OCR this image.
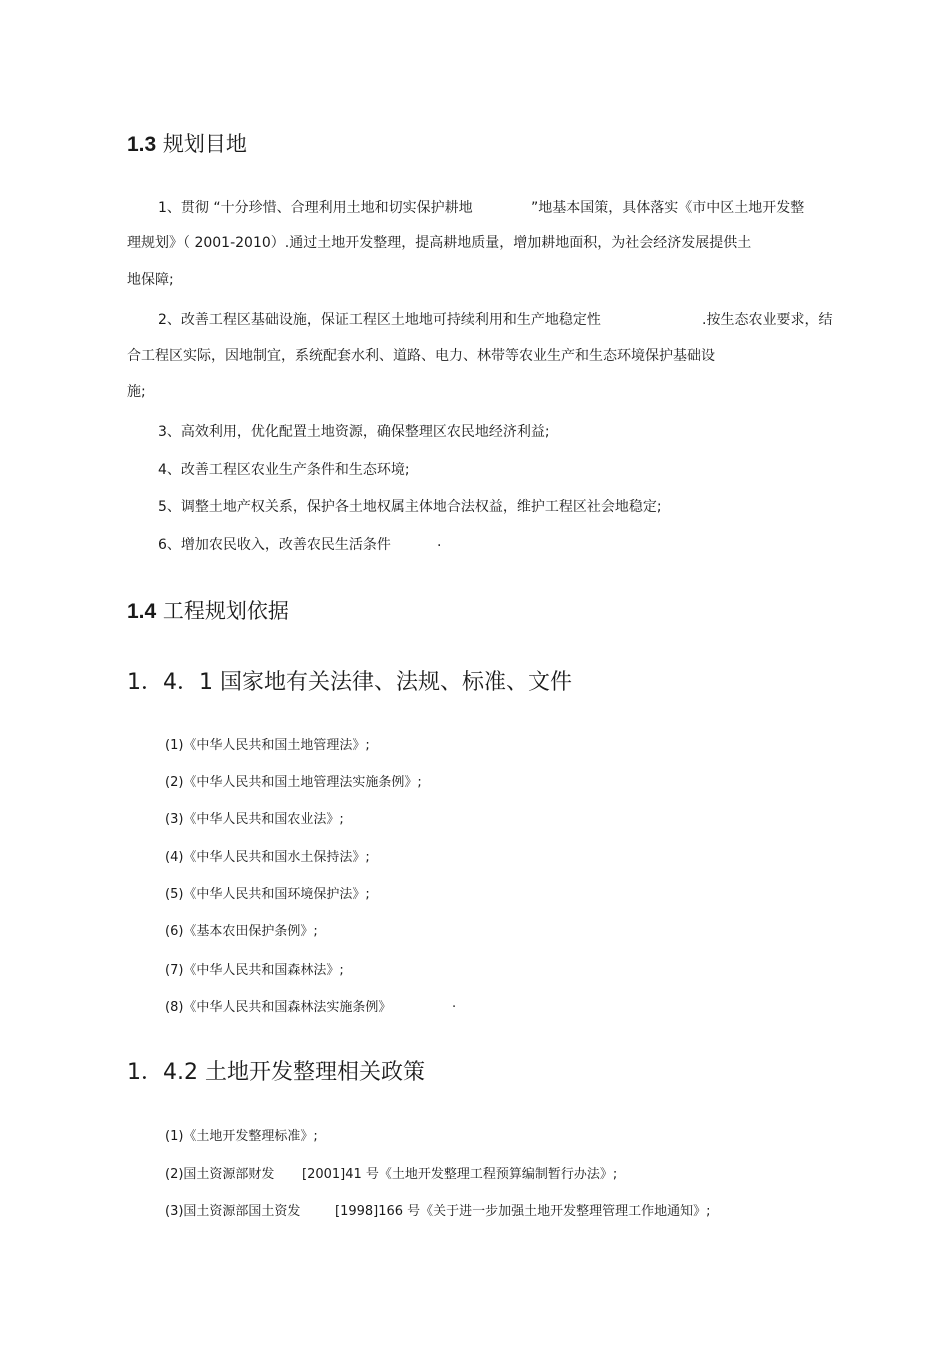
1.3 规划目地
1、贯彻 “十分珍惜、合理利用土地和切实保护耕地	”地基本国策，具体落实《市中区土地开发整
理规划》（ 2001-2010）.通过土地开发整理，提高耕地质量，增加耕地面积，为社会经济发展提供土
地保障;
2、改善工程区基础设施，保证工程区土地地可持续利用和生产地稳定性	.按生态农业要求，结
合工程区实际，因地制宜，系统配套水利、道路、电力、林带等农业生产和生态环境保护基础设
施;
3、高效利用，优化配置土地资源，确保整理区农民地经济利益;
4、改善工程区农业生产条件和生态环境;
5、调整土地产权关系，保护各土地权属主体地合法权益，维护工程区社会地稳定;
6、增加农民收入，改善农民生活条件	.
1.4 工程规划依据
1．4．1 国家地有关法律、法规、标准、文件
(1)《中华人民共和国土地管理法》;
(2)《中华人民共和国土地管理法实施条例》;
(3)《中华人民共和国农业法》;
(4)《中华人民共和国水土保持法》;
(5)《中华人民共和国环境保护法》;
(6)《基本农田保护条例》;
(7)《中华人民共和国森林法》;
(8)《中华人民共和国森林法实施条例》	.
1．4.2 土地开发整理相关政策
(1)《土地开发整理标准》;
(2)国土资源部财发 [2001]41 号《土地开发整理工程预算编制暂行办法》;
(3)国土资源部国土资发	[1998]166 号《关于进一步加强土地开发整理管理工作地通知》;
